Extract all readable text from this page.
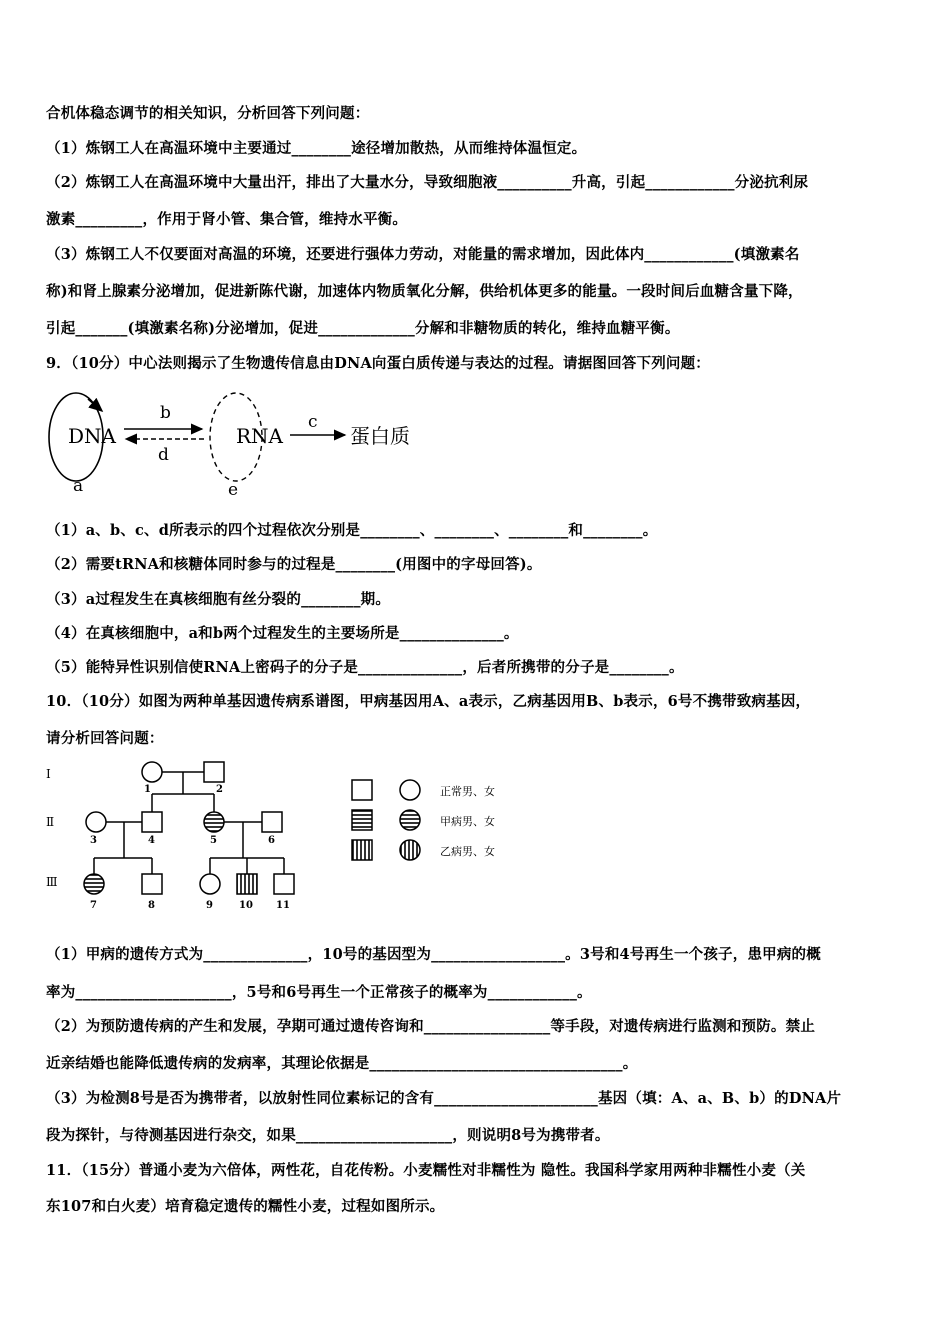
合机体稳态调节的相关知识，分析回答下列问题：
（1）炼钢工人在高温环境中主要通过________途径增加散热，从而维持体温恒定。
（2）炼钢工人在高温环境中大量出汗，排出了大量水分，导致细胞液__________升高，引起____________分泌抗利尿
激素_________，作用于肾小管、集合管，维持水平衡。
（3）炼钢工人不仅要面对高温的环境，还要进行强体力劳动，对能量的需求增加，因此体内____________(填激素名
称)和肾上腺素分泌增加，促进新陈代谢，加速体内物质氧化分解，供给机体更多的能量。一段时间后血糖含量下降，
引起_______(填激素名称)分泌增加，促进_____________分解和非糖物质的转化，维持血糖平衡。
9．（10分）中心法则揭示了生物遗传信息由DNA向蛋白质传递与表达的过程。请据图回答下列问题：
DNA
b
d
RNA
c
蛋白质
a	e
（1）a、b、c、d所表示的四个过程依次分别是________、________、________和________。
（2）需要tRNA和核糖体同时参与的过程是________(用图中的字母回答)。
（3）a过程发生在真核细胞有丝分裂的________期。
（4）在真核细胞中，a和b两个过程发生的主要场所是______________。
（5）能特异性识别信使RNA上密码子的分子是______________，后者所携带的分子是________。
10．（10分）如图为两种单基因遗传病系谱图，甲病基因用A、a表示，乙病基因用B、b表示，6号不携带致病基因，
请分析回答问题：
Ⅰ
Ⅱ
Ⅲ
1	2
3	4	5	6
7	8	9	10 11
正常男、女
甲病男、女
乙病男、女
（1）甲病的遗传方式为______________，10号的基因型为__________________。3号和4号再生一个孩子，患甲病的概
率为_____________________，5号和6号再生一个正常孩子的概率为____________。
（2）为预防遗传病的产生和发展，孕期可通过遗传咨询和_________________等手段，对遗传病进行监测和预防。禁止
近亲结婚也能降低遗传病的发病率，其理论依据是__________________________________。
（3）为检测8号是否为携带者，以放射性同位素标记的含有______________________基因（填：A、a、B、b）的DNA片
段为探针，与待测基因进行杂交，如果_____________________，则说明8号为携带者。
11．（15分）普通小麦为六倍体，两性花，自花传粉。小麦糯性对非糯性为 隐性。我国科学家用两种非糯性小麦（关
东107和白火麦）培育稳定遗传的糯性小麦，过程如图所示。
